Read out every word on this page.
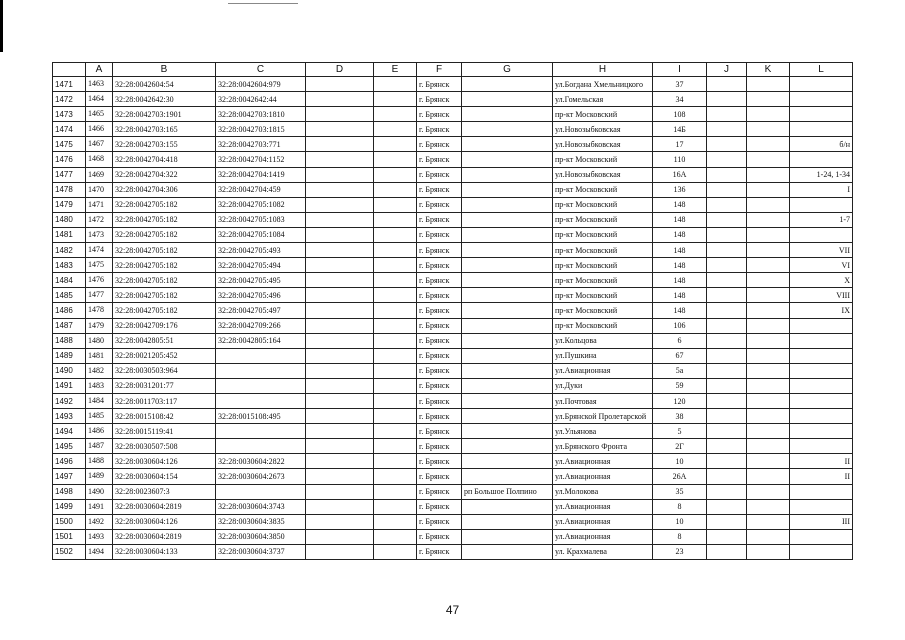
	A	B	C	D	E	F	G	H	I	J	K	L
1471	1463	32:28:0042604:54	32:28:0042604:979			г. Брянск		ул.Богдана Хмельницкого	37			
1472	1464	32:28:0042642:30	32:28:0042642:44			г. Брянск		ул.Гомельская	34			
1473	1465	32:28:0042703:1901	32:28:0042703:1810			г. Брянск		пр-кт Московский	108			
1474	1466	32:28:0042703:165	32:28:0042703:1815			г. Брянск		ул.Новозыбковская	14Б			
1475	1467	32:28:0042703:155	32:28:0042703:771			г. Брянск		ул.Новозыбковская	17			б/н
1476	1468	32:28:0042704:418	32:28:0042704:1152			г. Брянск		пр-кт Московский	110			
1477	1469	32:28:0042704:322	32:28:0042704:1419			г. Брянск		ул.Новозыбковская	16А			1-24, 1-34
1478	1470	32:28:0042704:306	32:28:0042704:459			г. Брянск		пр-кт Московский	136			I
1479	1471	32:28:0042705:182	32:28:0042705:1082			г. Брянск		пр-кт Московский	148			
1480	1472	32:28:0042705:182	32:28:0042705:1083			г. Брянск		пр-кт Московский	148			1-7
1481	1473	32:28:0042705:182	32:28:0042705:1084			г. Брянск		пр-кт Московский	148			
1482	1474	32:28:0042705:182	32:28:0042705:493			г. Брянск		пр-кт Московский	148			VII
1483	1475	32:28:0042705:182	32:28:0042705:494			г. Брянск		пр-кт Московский	148			VI
1484	1476	32:28:0042705:182	32:28:0042705:495			г. Брянск		пр-кт Московский	148			X
1485	1477	32:28:0042705:182	32:28:0042705:496			г. Брянск		пр-кт Московский	148			VIII
1486	1478	32:28:0042705:182	32:28:0042705:497			г. Брянск		пр-кт Московский	148			IX
1487	1479	32:28:0042709:176	32:28:0042709:266			г. Брянск		пр-кт Московский	106			
1488	1480	32:28:0042805:51	32:28:0042805:164			г. Брянск		ул.Кольцова	6			
1489	1481	32:28:0021205:452				г. Брянск		ул.Пушкина	67			
1490	1482	32:28:0030503:964				г. Брянск		ул.Авиационная	5а			
1491	1483	32:28:0031201:77				г. Брянск		ул.Дуки	59			
1492	1484	32:28:0011703:117				г. Брянск		ул.Почтовая	120			
1493	1485	32:28:0015108:42	32:28:0015108:495			г. Брянск		ул.Брянской Пролетарской	38			
1494	1486	32:28:0015119:41				г. Брянск		ул.Ульянова	5			
1495	1487	32:28:0030507:508				г. Брянск		ул.Брянского Фронта	2Г			
1496	1488	32:28:0030604:126	32:28:0030604:2822			г. Брянск		ул.Авиационная	10			II
1497	1489	32:28:0030604:154	32:28:0030604:2673			г. Брянск		ул.Авиационная	26А			II
1498	1490	32:28:0023607:3				г. Брянск	рп Большое Полпино	ул.Молокова	35			
1499	1491	32:28:0030604:2819	32:28:0030604:3743			г. Брянск		ул.Авиационная	8			
1500	1492	32:28:0030604:126	32:28:0030604:3835			г. Брянск		ул.Авиационная	10			III
1501	1493	32:28:0030604:2819	32:28:0030604:3850			г. Брянск		ул.Авиационная	8			
1502	1494	32:28:0030604:133	32:28:0030604:3737			г. Брянск		ул. Крахмалева	23			
47
